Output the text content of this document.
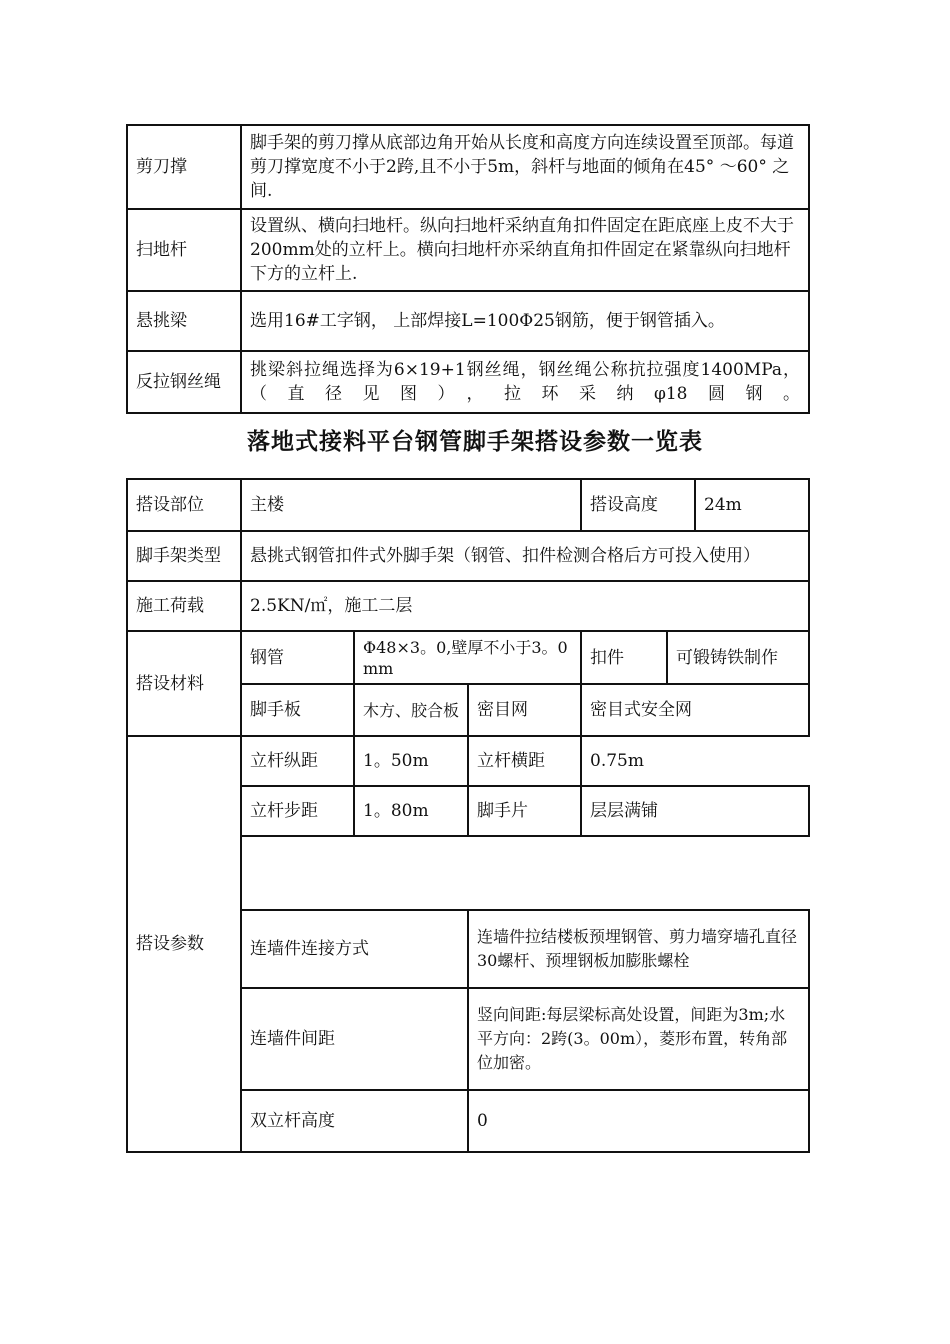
剪刀撑	脚手架的剪刀撑从底部边角开始从长度和高度方向连续设置至顶部。每道剪刀撑宽度不小于2跨,且不小于5m，斜杆与地面的倾角在45° ～60° 之间.
扫地杆	设置纵、横向扫地杆。纵向扫地杆采纳直角扣件固定在距底座上皮不大于200mm处的立杆上。横向扫地杆亦采纳直角扣件固定在紧靠纵向扫地杆下方的立杆上.
悬挑梁	选用16#工字钢， 上部焊接L=100Φ25钢筋，便于钢管插入。
反拉钢丝绳	挑梁斜拉绳选择为6×19+1钢丝绳，钢丝绳公称抗拉强度1400MPa，（直径见图），拉环采纳φ18圆钢。
落地式接料平台钢管脚手架搭设参数一览表
搭设部位	主楼			搭设高度		24m
脚手架类型	悬挑式钢管扣件式外脚手架（钢管、扣件检测合格后方可投入使用）					
施工荷载	2.5KN/㎡，施工二层					
搭设材料	钢管	Φ48×3。0,壁厚不小于3。0mm		扣件	可锻铸铁制作	
	脚手板	木方、胶合板	密目网	密目式安全网		
搭设参数	立杆纵距	1。50m	立杆横距	0.75m		
	立杆步距	1。80m	脚手片	层层满铺		

	连墙件连接方式		连墙件拉结楼板预埋钢管、剪力墙穿墙孔直径30螺杆、预埋钢板加膨胀螺栓			
	连墙件间距		竖向间距:每层梁标高处设置，间距为3m;水平方向：2跨(3。00m），菱形布置，转角部位加密。			
	双立杆高度		0			
